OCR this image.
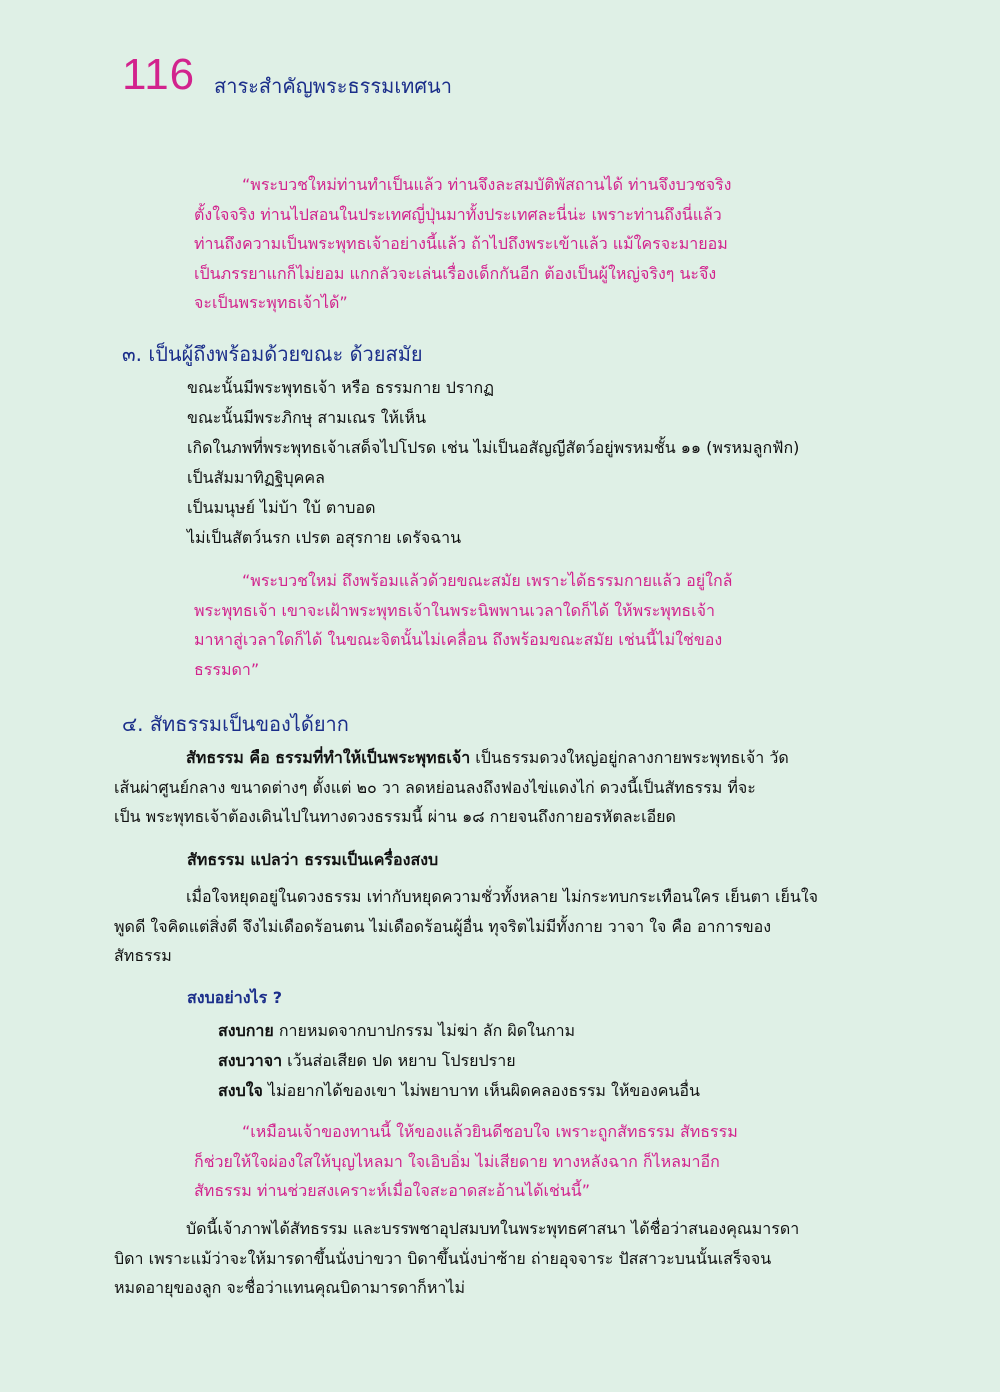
116 สาระสำคัญพระธรรมเทศนา
“พระบวชใหม่ท่านทำเป็นแล้ว ท่านจึงละสมบัติพัสถานได้ ท่านจึงบวชจริง
ตั้งใจจริง ท่านไปสอนในประเทศญี่ปุ่นมาทั้งประเทศละนี่น่ะ เพราะท่านถึงนี่แล้ว
ท่านถึงความเป็นพระพุทธเจ้าอย่างนี้แล้ว ถ้าไปถึงพระเข้าแล้ว แม้ใครจะมายอม
เป็นภรรยาแกก็ไม่ยอม แกกลัวจะเล่นเรื่องเด็กกันอีก ต้องเป็นผู้ใหญ่จริงๆ นะจึง
จะเป็นพระพุทธเจ้าได้”
๓. เป็นผู้ถึงพร้อมด้วยขณะ ด้วยสมัย
ขณะนั้นมีพระพุทธเจ้า หรือ ธรรมกาย ปรากฏ
ขณะนั้นมีพระภิกษุ สามเณร ให้เห็น
เกิดในภพที่พระพุทธเจ้าเสด็จไปโปรด เช่น ไม่เป็นอสัญญีสัตว์อยู่พรหมชั้น ๑๑ (พรหมลูกฟัก)
เป็นสัมมาทิฏฐิบุคคล
เป็นมนุษย์ ไม่บ้า ใบ้ ตาบอด
ไม่เป็นสัตว์นรก เปรต อสุรกาย เดรัจฉาน
“พระบวชใหม่ ถึงพร้อมแล้วด้วยขณะสมัย เพราะได้ธรรมกายแล้ว อยู่ใกล้
พระพุทธเจ้า เขาจะเฝ้าพระพุทธเจ้าในพระนิพพานเวลาใดก็ได้ ให้พระพุทธเจ้า
มาหาสู่เวลาใดก็ได้ ในขณะจิตนั้นไม่เคลื่อน ถึงพร้อมขณะสมัย เช่นนี้ไม่ใช่ของ
ธรรมดา”
๔. สัทธรรมเป็นของได้ยาก
สัทธรรม คือ ธรรมที่ทำให้เป็นพระพุทธเจ้า เป็นธรรมดวงใหญ่อยู่กลางกายพระพุทธเจ้า วัด
เส้นผ่าศูนย์กลาง ขนาดต่างๆ ตั้งแต่ ๒๐ วา ลดหย่อนลงถึงฟองไข่แดงไก่ ดวงนี้เป็นสัทธรรม ที่จะ
เป็น พระพุทธเจ้าต้องเดินไปในทางดวงธรรมนี้ ผ่าน ๑๘ กายจนถึงกายอรหัตละเอียด
สัทธรรม แปลว่า ธรรมเป็นเครื่องสงบ
เมื่อใจหยุดอยู่ในดวงธรรม เท่ากับหยุดความชั่วทั้งหลาย ไม่กระทบกระเทือนใคร เย็นตา เย็นใจ
พูดดี ใจคิดแต่สิ่งดี จึงไม่เดือดร้อนตน ไม่เดือดร้อนผู้อื่น ทุจริตไม่มีทั้งกาย วาจา ใจ คือ อาการของ
สัทธรรม
สงบอย่างไร ?
สงบกาย กายหมดจากบาปกรรม ไม่ฆ่า ลัก ผิดในกาม
สงบวาจา เว้นส่อเสียด ปด หยาบ โปรยปราย
สงบใจ ไม่อยากได้ของเขา ไม่พยาบาท เห็นผิดคลองธรรม ให้ของคนอื่น
“เหมือนเจ้าของทานนี้ ให้ของแล้วยินดีชอบใจ เพราะถูกสัทธรรม สัทธรรม
ก็ช่วยให้ใจผ่องใสให้บุญไหลมา ใจเอิบอิ่ม ไม่เสียดาย ทางหลังฉาก ก็ไหลมาอีก
สัทธรรม ท่านช่วยสงเคราะห์เมื่อใจสะอาดสะอ้านได้เช่นนี้”
บัดนี้เจ้าภาพได้สัทธรรม และบรรพชาอุปสมบทในพระพุทธศาสนา ได้ชื่อว่าสนองคุณมารดา
บิดา เพราะแม้ว่าจะให้มารดาขึ้นนั่งบ่าขวา บิดาขึ้นนั่งบ่าซ้าย ถ่ายอุจจาระ ปัสสาวะบนนั้นเสร็จจน
หมดอายุของลูก จะชื่อว่าแทนคุณบิดามารดาก็หาไม่
